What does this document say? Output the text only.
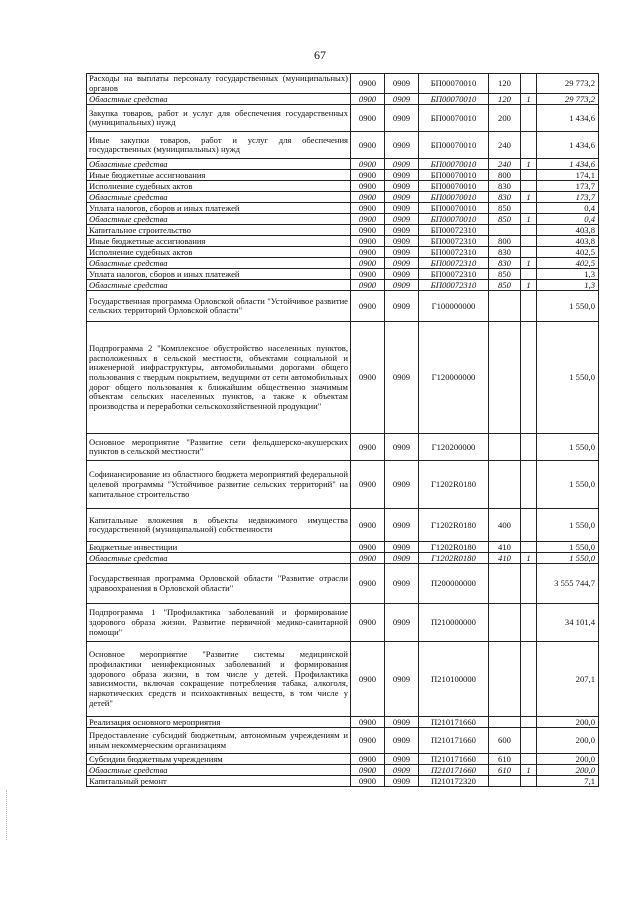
67
Расходы на выплаты персоналу государственных (муниципальных) органов	0900	0909	БП00070010	120		29 773,2
Областные средства	0900	0909	БП00070010	120	1	29 773,2
Закупка товаров, работ и услуг для обеспечения государственных (муниципальных) нужд	0900	0909	БП00070010	200		1 434,6
Иные закупки товаров, работ и услуг для обеспечения государственных (муниципальных) нужд	0900	0909	БП00070010	240		1 434,6
Областные средства	0900	0909	БП00070010	240	1	1 434,6
Иные бюджетные ассигнования	0900	0909	БП00070010	800		174,1
Исполнение судебных актов	0900	0909	БП00070010	830		173,7
Областные средства	0900	0909	БП00070010	830	1	173,7
Уплата налогов, сборов и иных платежей	0900	0909	БП00070010	850		0,4
Областные средства	0900	0909	БП00070010	850	1	0,4
Капитальное строительство	0900	0909	БП00072310			403,8
Иные бюджетные ассигнования	0900	0909	БП00072310	800		403,8
Исполнение судебных актов	0900	0909	БП00072310	830		402,5
Областные средства	0900	0909	БП00072310	830	1	402,5
Уплата налогов, сборов и иных платежей	0900	0909	БП00072310	850		1,3
Областные средства	0900	0909	БП00072310	850	1	1,3
Государственная программа Орловской области "Устойчивое развитие сельских территорий Орловской области"	0900	0909	Г100000000			1 550,0
Подпрограмма 2 "Комплексное обустройство населенных пунктов, расположенных в сельской местности, объектами социальной и инженерной инфраструктуры, автомобильными дорогами общего пользования с твердым покрытием, ведущими от сети автомобильных дорог общего пользования к ближайшим общественно значимым объектам сельских населенных пунктов, а также к объектам производства и переработки сельскохозяйственной продукции"	0900	0909	Г120000000			1 550,0
Основное мероприятие "Развитие сети фельдшерско-акушерских пунктов в сельской местности"	0900	0909	Г120200000			1 550,0
Софинансирование из областного бюджета мероприятий федеральной целевой программы "Устойчивое развитие сельских территорий" на капитальное строительство	0900	0909	Г1202R0180			1 550,0
Капитальные вложения в объекты недвижимого имущества государственной (муниципальной) собственности	0900	0909	Г1202R0180	400		1 550,0
Бюджетные инвестиции	0900	0909	Г1202R0180	410		1 550,0
Областные средства	0900	0909	Г1202R0180	410	1	1 550,0
Государственная программа Орловской области "Развитие отрасли здравоохранения в Орловской области"	0900	0909	П200000000			3 555 744,7
Подпрограмма 1 "Профилактика заболеваний и формирование здорового образа жизни. Развитие первичной медико-санитарной помощи"	0900	0909	П210000000			34 101,4
Основное мероприятие "Развитие системы медицинской профилактики неинфекционных заболеваний и формирования здорового образа жизни, в том числе у детей. Профилактика зависимости, включая сокращение потребления табака, алкоголя, наркотических средств и психоактивных веществ, в том числе у детей"	0900	0909	П210100000			207,1
Реализация основного мероприятия	0900	0909	П210171660			200,0
Предоставление субсидий бюджетным, автономным учреждениям и иным некоммерческим организациям	0900	0909	П210171660	600		200,0
Субсидии бюджетным учреждениям	0900	0909	П210171660	610		200,0
Областные средства	0900	0909	П210171660	610	1	200,0
Капитальный ремонт	0900	0909	П210172320			7,1
